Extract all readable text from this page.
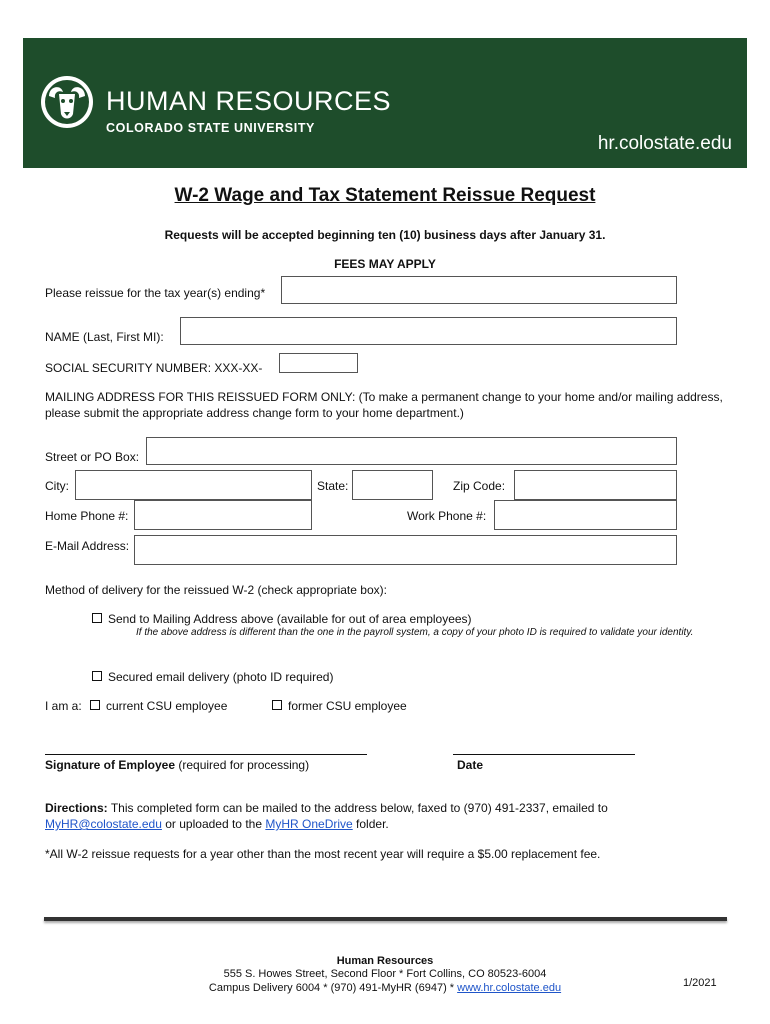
HUMAN RESOURCES
COLORADO STATE UNIVERSITY
hr.colostate.edu
W-2 Wage and Tax Statement Reissue Request
Requests will be accepted beginning ten (10) business days after January 31.
FEES MAY APPLY
Please reissue for the tax year(s) ending*
NAME (Last, First MI):
SOCIAL SECURITY NUMBER: XXX-XX-
MAILING ADDRESS FOR THIS REISSUED FORM ONLY: (To make a permanent change to your home and/or mailing address, please submit the appropriate address change form to your home department.)
Street or PO Box:
City:	State:	Zip Code:
Home Phone #:	Work Phone #:
E-Mail Address:
Method of delivery for the reissued W-2 (check appropriate box):
Send to Mailing Address above (available for out of area employees)
If the above address is different than the one in the payroll system, a copy of your photo ID is required to validate your identity.
Secured email delivery (photo ID required)
I am a:	current CSU employee	former CSU employee
Signature of Employee (required for processing)	Date
Directions: This completed form can be mailed to the address below, faxed to (970) 491-2337, emailed to
MyHR@colostate.edu or uploaded to the MyHR OneDrive folder.
*All W-2 reissue requests for a year other than the most recent year will require a $5.00 replacement fee.
Human Resources
555 S. Howes Street, Second Floor * Fort Collins, CO 80523-6004
Campus Delivery 6004 * (970) 491-MyHR (6947) * www.hr.colostate.edu	1/2021
